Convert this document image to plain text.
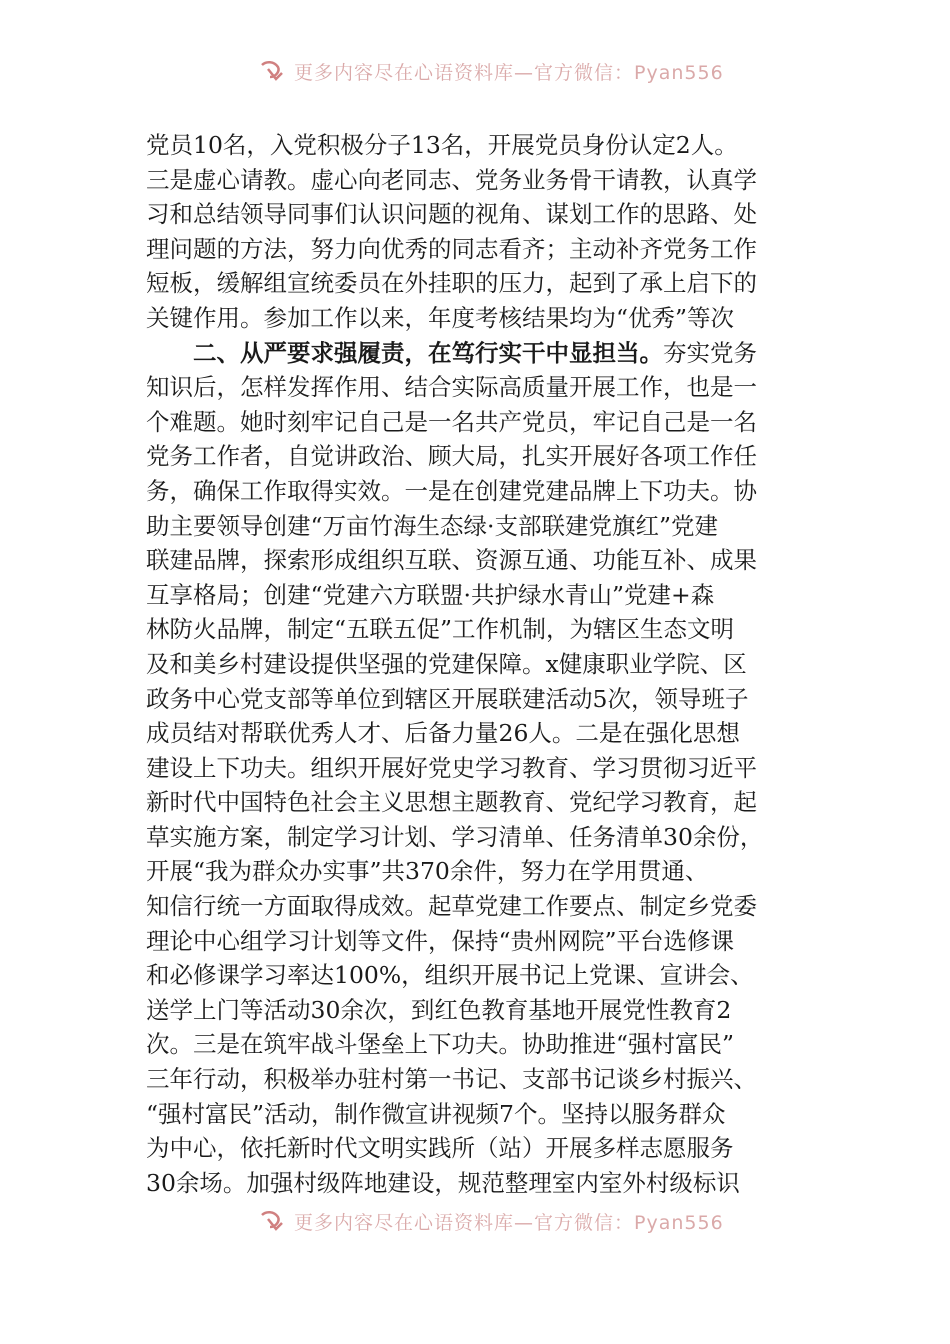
更多内容尽在心语资料库—官方微信：Pyan556
党员10名，入党积极分子13名，开展党员身份认定2人。
三是虚心请教。虚心向老同志、党务业务骨干请教，认真学
习和总结领导同事们认识问题的视角、谋划工作的思路、处
理问题的方法，努力向优秀的同志看齐；主动补齐党务工作
短板，缓解组宣统委员在外挂职的压力，起到了承上启下的
关键作用。参加工作以来，年度考核结果均为“优秀”等次
二、从严要求强履责，在笃行实干中显担当。夯实党务
知识后，怎样发挥作用、结合实际高质量开展工作，也是一
个难题。她时刻牢记自己是一名共产党员，牢记自己是一名
党务工作者，自觉讲政治、顾大局，扎实开展好各项工作任
务，确保工作取得实效。一是在创建党建品牌上下功夫。协
助主要领导创建“万亩竹海生态绿·支部联建党旗红”党建
联建品牌，探索形成组织互联、资源互通、功能互补、成果
互享格局；创建“党建六方联盟·共护绿水青山”党建+森
林防火品牌，制定“五联五促”工作机制，为辖区生态文明
及和美乡村建设提供坚强的党建保障。x健康职业学院、区
政务中心党支部等单位到辖区开展联建活动5次，领导班子
成员结对帮联优秀人才、后备力量26人。二是在强化思想
建设上下功夫。组织开展好党史学习教育、学习贯彻习近平
新时代中国特色社会主义思想主题教育、党纪学习教育，起
草实施方案，制定学习计划、学习清单、任务清单30余份，
开展“我为群众办实事”共370余件，努力在学用贯通、
知信行统一方面取得成效。起草党建工作要点、制定乡党委
理论中心组学习计划等文件，保持“贵州网院”平台选修课
和必修课学习率达100%，组织开展书记上党课、宣讲会、
送学上门等活动30余次，到红色教育基地开展党性教育2
次。三是在筑牢战斗堡垒上下功夫。协助推进“强村富民”
三年行动，积极举办驻村第一书记、支部书记谈乡村振兴、
“强村富民”活动，制作微宣讲视频7个。坚持以服务群众
为中心，依托新时代文明实践所（站）开展多样志愿服务
30余场。加强村级阵地建设，规范整理室内室外村级标识
更多内容尽在心语资料库—官方微信：Pyan556
